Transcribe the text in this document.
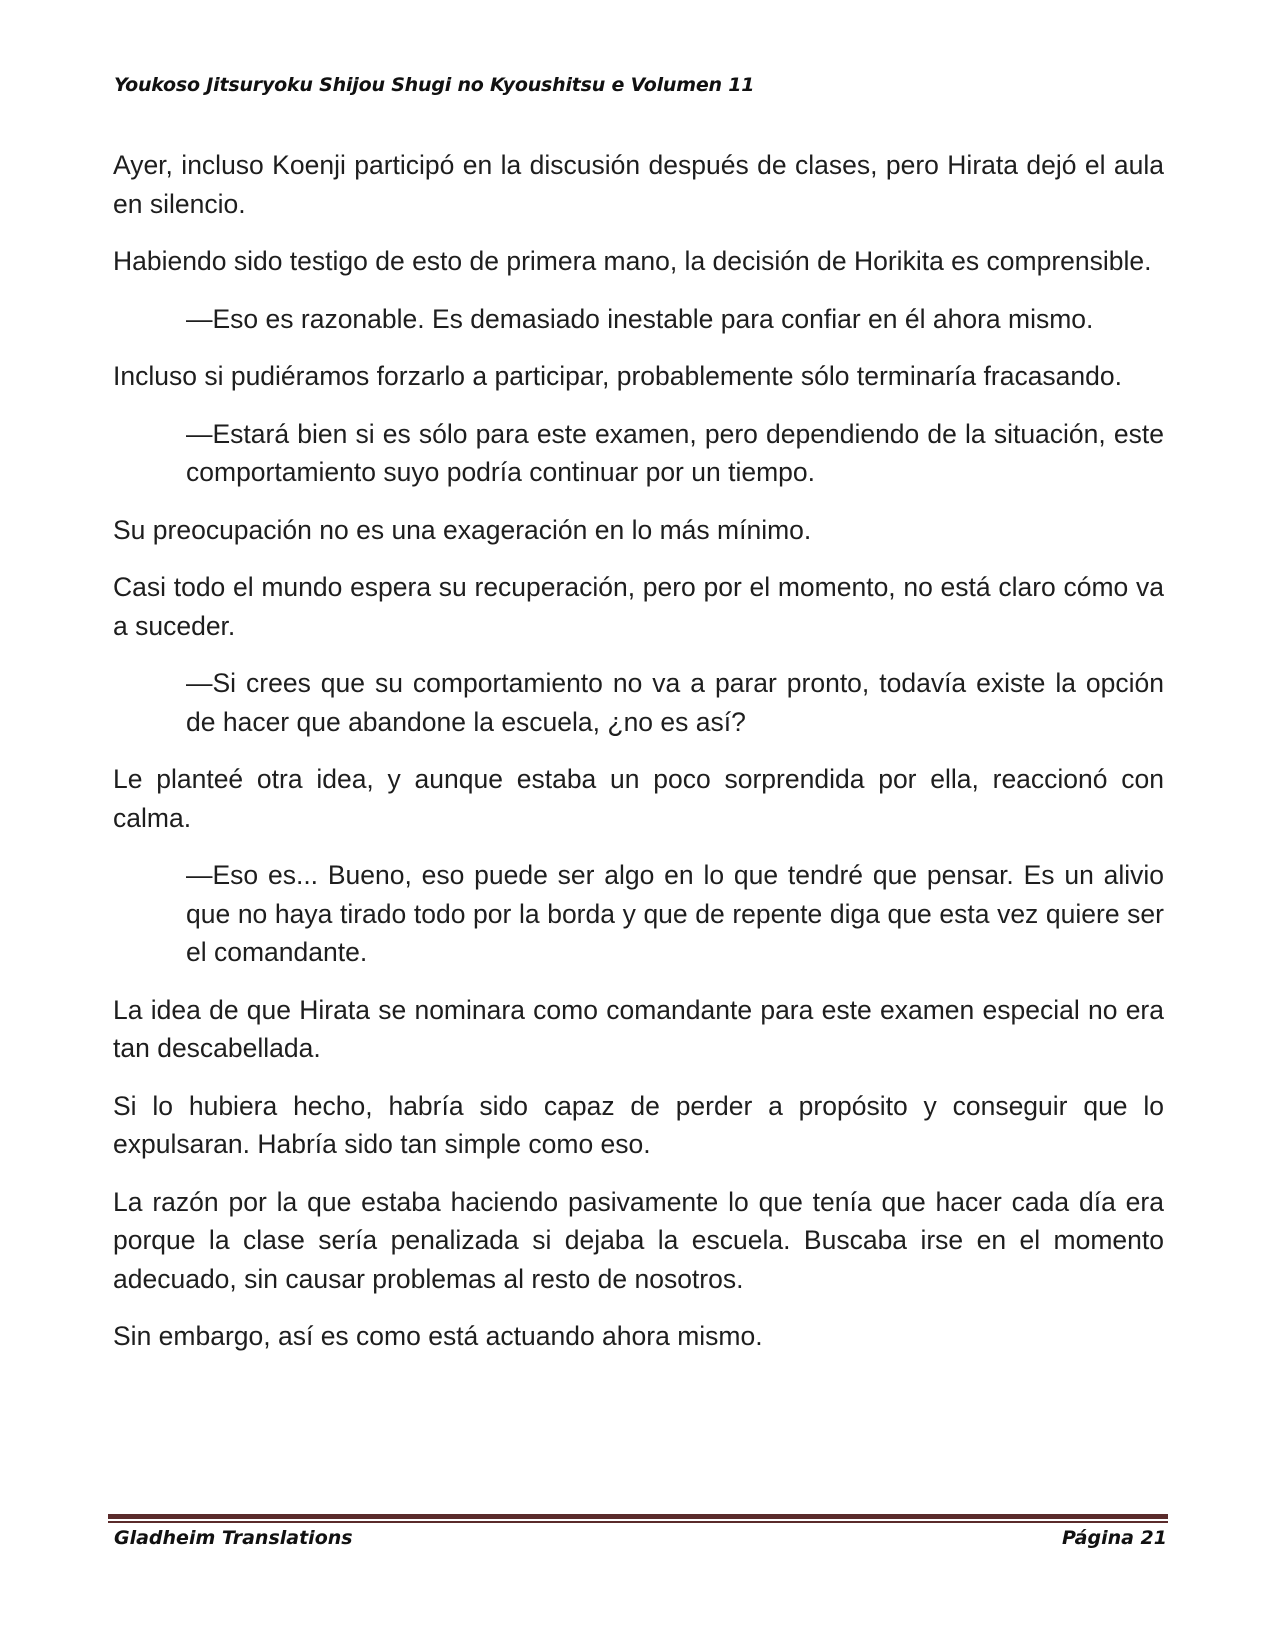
Youkoso Jitsuryoku Shijou Shugi no Kyoushitsu e Volumen 11

Ayer, incluso Koenji participó en la discusión después de clases, pero Hirata dejó el aula en silencio.

Habiendo sido testigo de esto de primera mano, la decisión de Horikita es comprensible.

—Eso es razonable. Es demasiado inestable para confiar en él ahora mismo.

Incluso si pudiéramos forzarlo a participar, probablemente sólo terminaría fracasando.

—Estará bien si es sólo para este examen, pero dependiendo de la situación, este comportamiento suyo podría continuar por un tiempo.

Su preocupación no es una exageración en lo más mínimo.

Casi todo el mundo espera su recuperación, pero por el momento, no está claro cómo va a suceder.

—Si crees que su comportamiento no va a parar pronto, todavía existe la opción de hacer que abandone la escuela, ¿no es así?

Le planteé otra idea, y aunque estaba un poco sorprendida por ella, reaccionó con calma.

—Eso es... Bueno, eso puede ser algo en lo que tendré que pensar. Es un alivio que no haya tirado todo por la borda y que de repente diga que esta vez quiere ser el comandante.

La idea de que Hirata se nominara como comandante para este examen especial no era tan descabellada.

Si lo hubiera hecho, habría sido capaz de perder a propósito y conseguir que lo expulsaran. Habría sido tan simple como eso.

La razón por la que estaba haciendo pasivamente lo que tenía que hacer cada día era porque la clase sería penalizada si dejaba la escuela. Buscaba irse en el momento adecuado, sin causar problemas al resto de nosotros.

Sin embargo, así es como está actuando ahora mismo.

Gladheim Translations	Página 21
